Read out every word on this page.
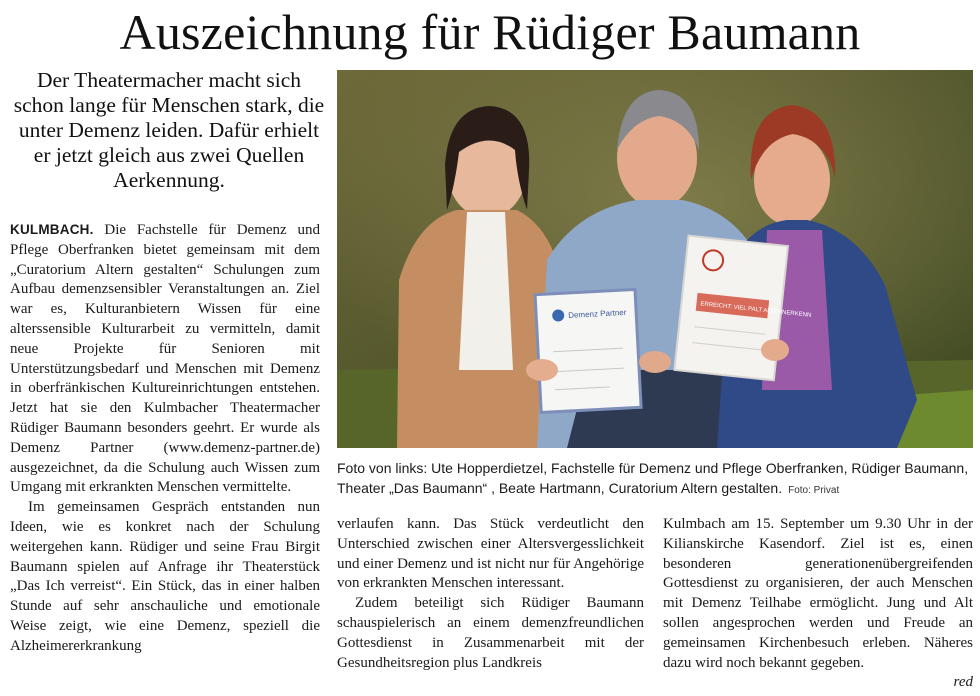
Auszeichnung für Rüdiger Baumann
Der Theatermacher macht sich schon lange für Menschen stark, die unter Demenz leiden. Dafür erhielt er jetzt gleich aus zwei Quellen Aerkennung.

KULMBACH. Die Fachstelle für Demenz und Pflege Oberfranken bietet gemeinsam mit dem „Curatorium Altern gestalten“ Schulungen zum Aufbau demenzsensibler Veranstaltungen an. Ziel war es, Kulturanbietern Wissen für eine alterssensible Kulturarbeit zu vermitteln, damit neue Projekte für Senioren mit Unterstützungsbedarf und Menschen mit Demenz in oberfränkischen Kultureinrichtungen entstehen. Jetzt hat sie den Kulmbacher Theatermacher Rüdiger Baumann besonders geehrt. Er wurde als Demenz Partner (www.demenz-partner.de) ausgezeichnet, da die Schulung auch Wissen zum Umgang mit erkrankten Menschen vermittelte.

Im gemeinsamen Gespräch entstanden nun Ideen, wie es konkret nach der Schulung weitergehen kann. Rüdiger und seine Frau Birgit Baumann spielen auf Anfrage ihr Theaterstück „Das Ich verreist“. Ein Stück, das in einer halben Stunde auf sehr anschauliche und emotionale Weise zeigt, wie eine Demenz, speziell die Alzheimererkrankung

Demenz Partner	ERREICHT: VIEL PALT ALTERNERKENN
Foto von links: Ute Hopperdietzel, Fachstelle für Demenz und Pflege Oberfranken, Rüdiger Baumann, Theater „Das Baumann“ , Beate Hartmann, Curatorium Altern gestalten. Foto: Privat

verlaufen kann. Das Stück verdeutlicht den Unterschied zwischen einer Altersvergesslichkeit und einer Demenz und ist nicht nur für Angehörige von erkrankten Menschen interessant.

Zudem beteiligt sich Rüdiger Baumann schauspielerisch an einem demenzfreundlichen Gottesdienst in Zusammenarbeit mit der Gesundheitsregion plus Landkreis

Kulmbach am 15. September um 9.30 Uhr in der Kilianskirche Kasendorf. Ziel ist es, einen besonderen generationenübergreifenden Gottesdienst zu organisieren, der auch Menschen mit Demenz Teilhabe ermöglicht. Jung und Alt sollen angesprochen werden und Freude an gemeinsamen Kirchenbesuch erleben. Näheres dazu wird noch bekannt gegeben.

red
